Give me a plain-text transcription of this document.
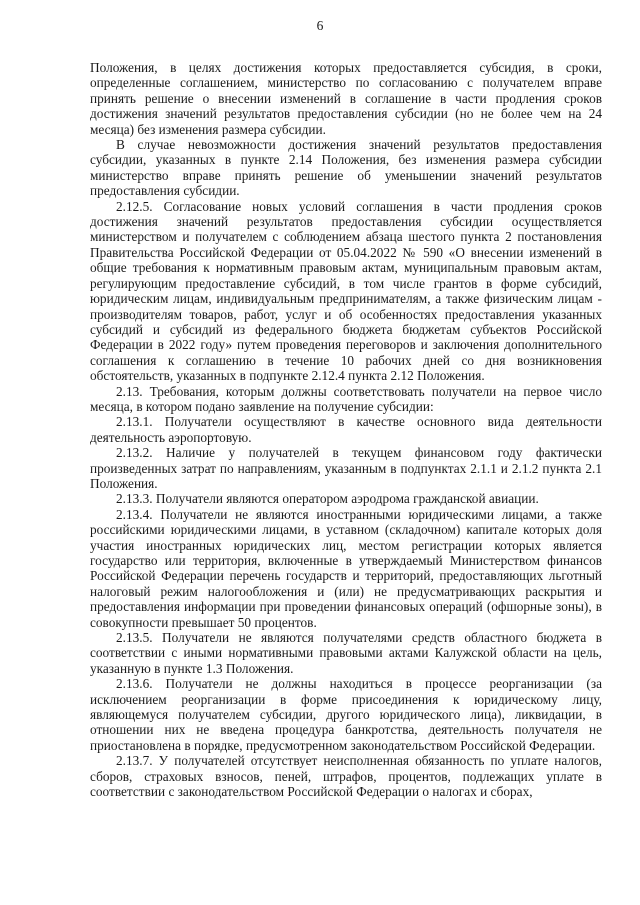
6

Положения, в целях достижения которых предоставляется субсидия, в сроки, определенные соглашением, министерство по согласованию с получателем вправе принять решение о внесении изменений в соглашение в части продления сроков достижения значений результатов предоставления субсидии (но не более чем на 24 месяца) без изменения размера субсидии.

В случае невозможности достижения значений результатов предоставления субсидии, указанных в пункте 2.14 Положения, без изменения размера субсидии министерство вправе принять решение об уменьшении значений результатов предоставления субсидии.

2.12.5. Согласование новых условий соглашения в части продления сроков достижения значений результатов предоставления субсидии осуществляется министерством и получателем с соблюдением абзаца шестого пункта 2 постановления Правительства Российской Федерации от 05.04.2022 № 590 «О внесении изменений в общие требования к нормативным правовым актам, муниципальным правовым актам, регулирующим предоставление субсидий, в том числе грантов в форме субсидий, юридическим лицам, индивидуальным предпринимателям, а также физическим лицам - производителям товаров, работ, услуг и об особенностях предоставления указанных субсидий и субсидий из федерального бюджета бюджетам субъектов Российской Федерации в 2022 году» путем проведения переговоров и заключения дополнительного соглашения к соглашению в течение 10 рабочих дней со дня возникновения обстоятельств, указанных в подпункте 2.12.4 пункта 2.12 Положения.

2.13. Требования, которым должны соответствовать получатели на первое число месяца, в котором подано заявление на получение субсидии:

2.13.1. Получатели осуществляют в качестве основного вида деятельности деятельность аэропортовую.

2.13.2. Наличие у получателей в текущем финансовом году фактически произведенных затрат по направлениям, указанным в подпунктах 2.1.1 и 2.1.2 пункта 2.1 Положения.

2.13.3. Получатели являются оператором аэродрома гражданской авиации.

2.13.4. Получатели не являются иностранными юридическими лицами, а также российскими юридическими лицами, в уставном (складочном) капитале которых доля участия иностранных юридических лиц, местом регистрации которых является государство или территория, включенные в утверждаемый Министерством финансов Российской Федерации перечень государств и территорий, предоставляющих льготный налоговый режим налогообложения и (или) не предусматривающих раскрытия и предоставления информации при проведении финансовых операций (офшорные зоны), в совокупности превышает 50 процентов.

2.13.5. Получатели не являются получателями средств областного бюджета в соответствии с иными нормативными правовыми актами Калужской области на цель, указанную в пункте 1.3 Положения.

2.13.6. Получатели не должны находиться в процессе реорганизации (за исключением реорганизации в форме присоединения к юридическому лицу, являющемуся получателем субсидии, другого юридического лица), ликвидации, в отношении них не введена процедура банкротства, деятельность получателя не приостановлена в порядке, предусмотренном законодательством Российской Федерации.

2.13.7. У получателей отсутствует неисполненная обязанность по уплате налогов, сборов, страховых взносов, пеней, штрафов, процентов, подлежащих уплате в соответствии с законодательством Российской Федерации о налогах и сборах,
